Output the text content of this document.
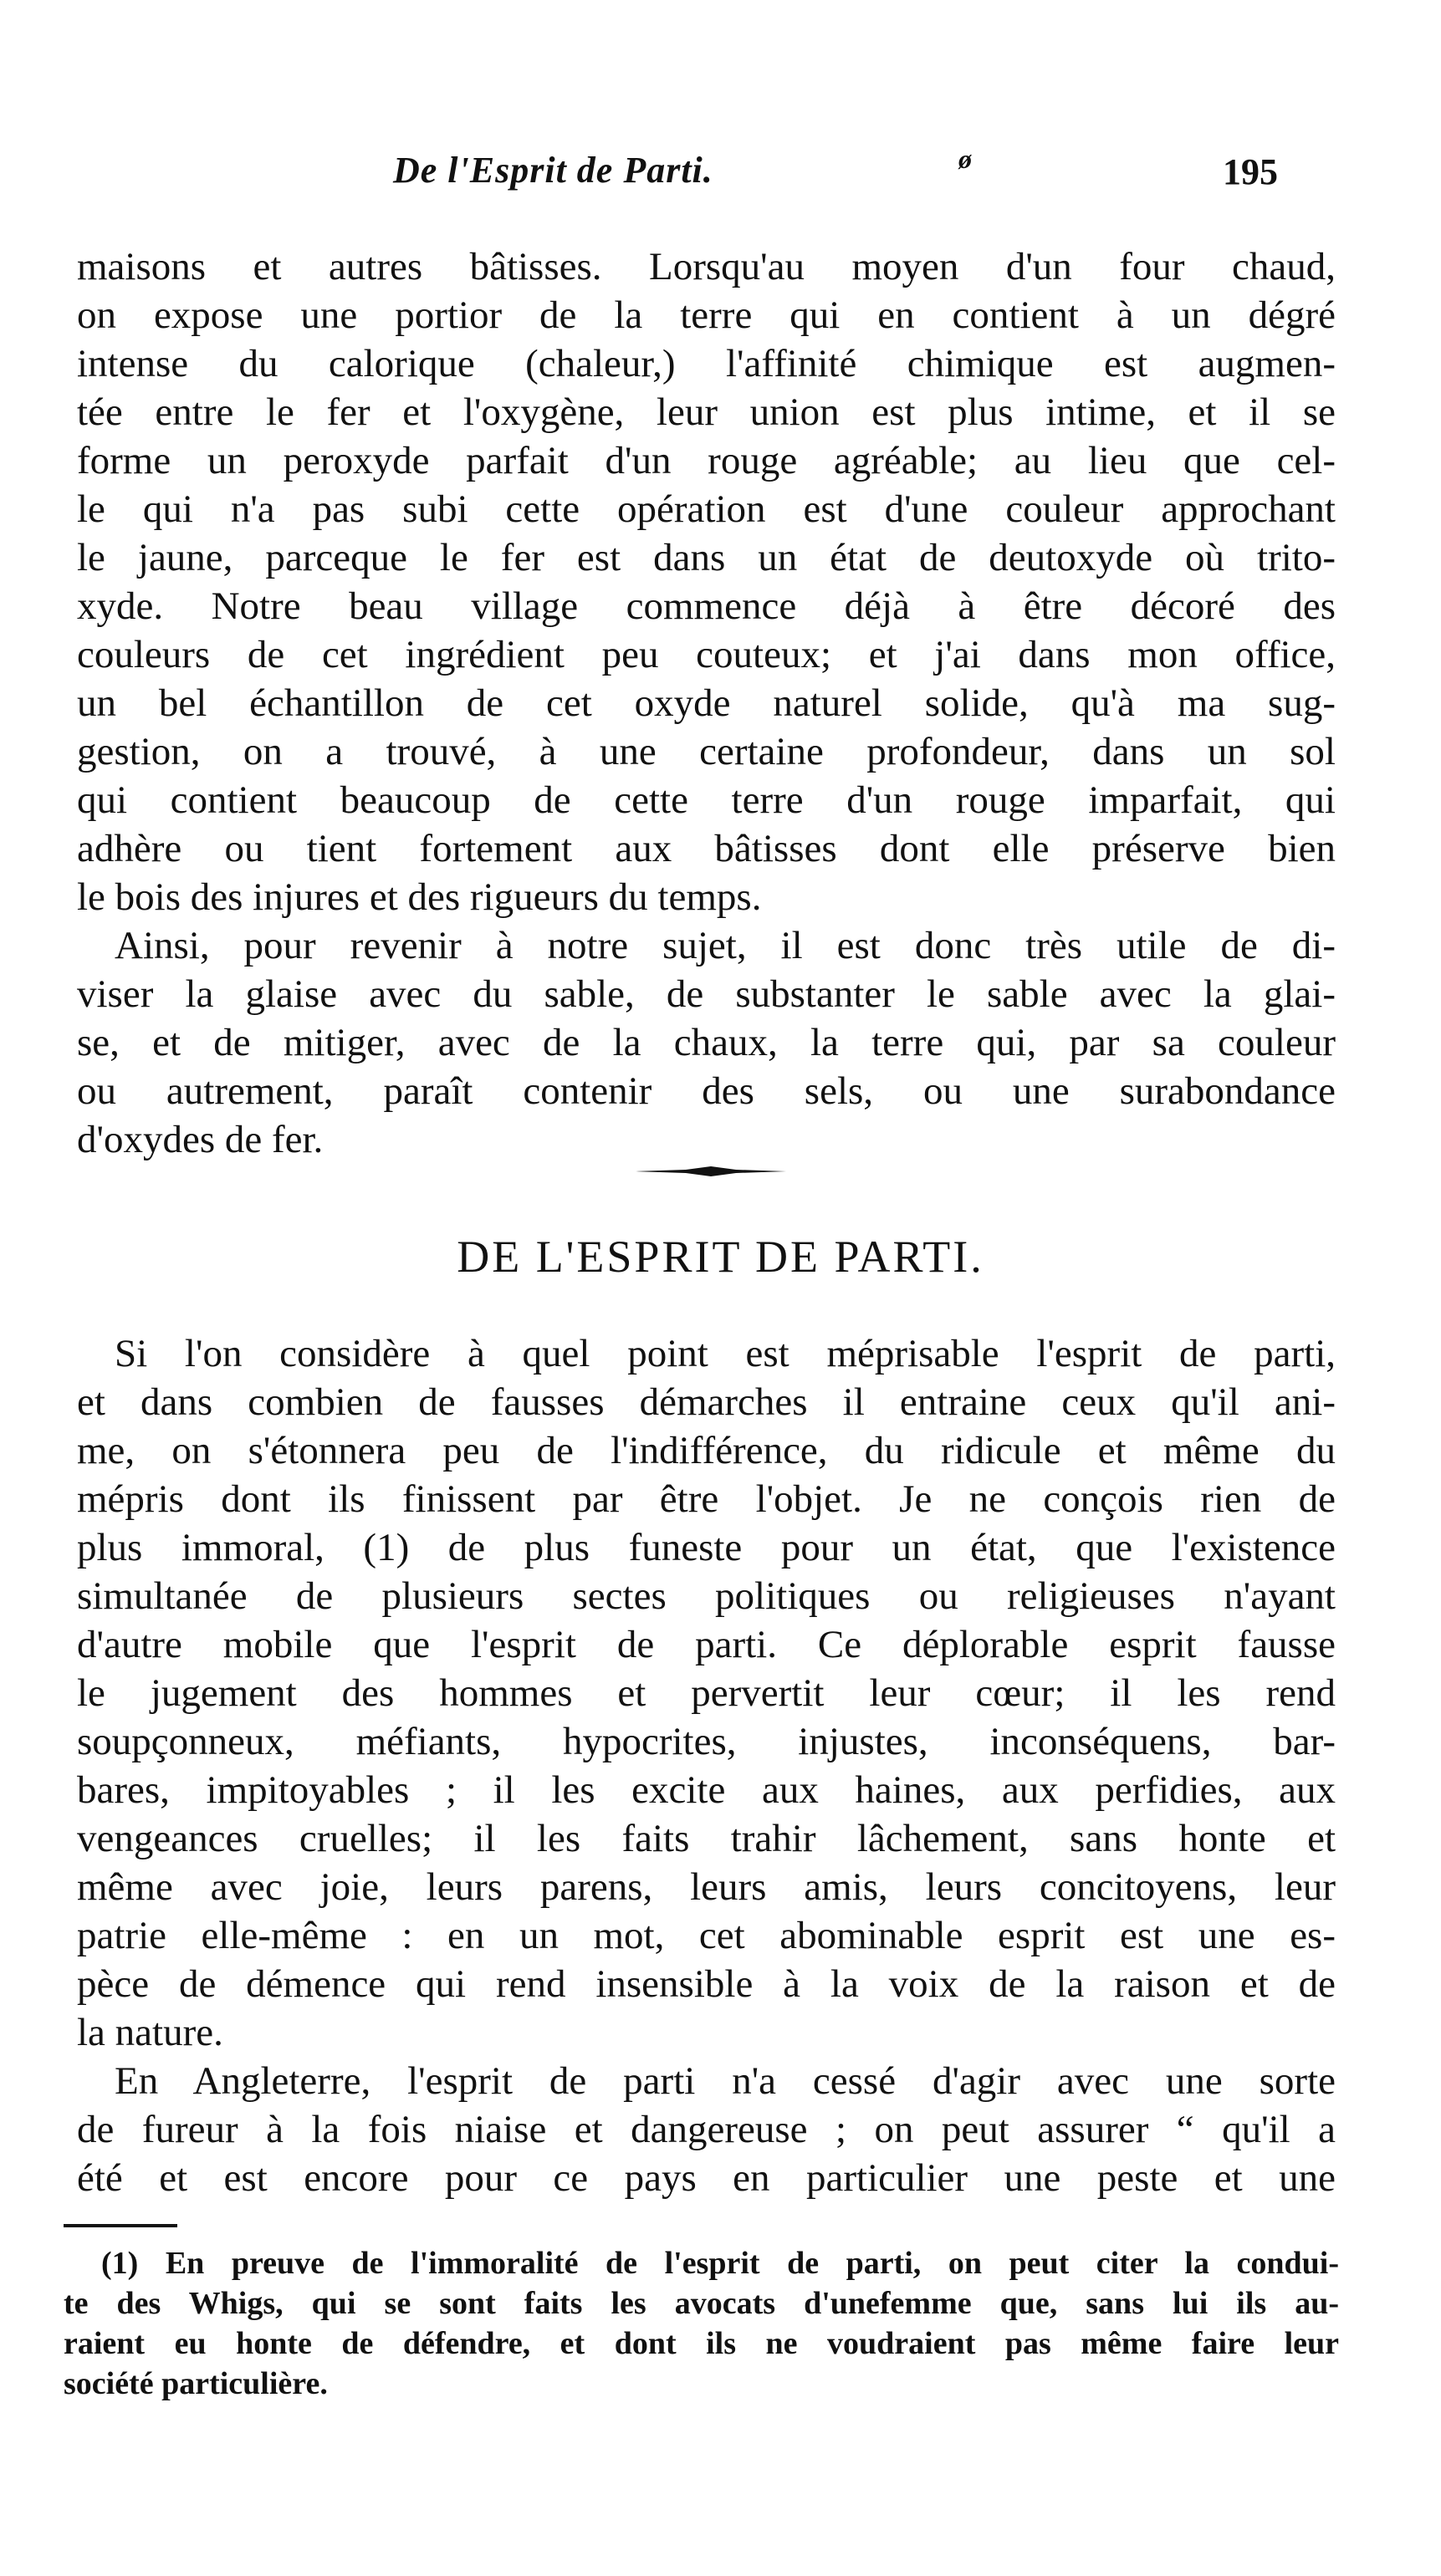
De l'Esprit de Parti.	ø	195
maisons et autres bâtisses. Lorsqu'au moyen d'un four chaud,
on expose une portior de la terre qui en contient à un dégré
intense du calorique (chaleur,) l'affinité chimique est augmen-
tée entre le fer et l'oxygène, leur union est plus intime, et il se
forme un peroxyde parfait d'un rouge agréable; au lieu que cel-
le qui n'a pas subi cette opération est d'une couleur approchant
le jaune, parceque le fer est dans un état de deutoxyde où trito-
xyde. Notre beau village commence déjà à être décoré des
couleurs de cet ingrédient peu couteux; et j'ai dans mon office,
un bel échantillon de cet oxyde naturel solide, qu'à ma sug-
gestion, on a trouvé, à une certaine profondeur, dans un sol
qui contient beaucoup de cette terre d'un rouge imparfait, qui
adhère ou tient fortement aux bâtisses dont elle préserve bien
le bois des injures et des rigueurs du temps.
Ainsi, pour revenir à notre sujet, il est donc très utile de di-
viser la glaise avec du sable, de substanter le sable avec la glai-
se, et de mitiger, avec de la chaux, la terre qui, par sa couleur
ou autrement, paraît contenir des sels, ou une surabondance
d'oxydes de fer.
DE L'ESPRIT DE PARTI.
Si l'on considère à quel point est méprisable l'esprit de parti,
et dans combien de fausses démarches il entraine ceux qu'il ani-
me, on s'étonnera peu de l'indifférence, du ridicule et même du
mépris dont ils finissent par être l'objet. Je ne conçois rien de
plus immoral, (1) de plus funeste pour un état, que l'existence
simultanée de plusieurs sectes politiques ou religieuses n'ayant
d'autre mobile que l'esprit de parti. Ce déplorable esprit fausse
le jugement des hommes et pervertit leur cœur; il les rend
soupçonneux, méfiants, hypocrites, injustes, inconséquens, bar-
bares, impitoyables ; il les excite aux haines, aux perfidies, aux
vengeances cruelles; il les faits trahir lâchement, sans honte et
même avec joie, leurs parens, leurs amis, leurs concitoyens, leur
patrie elle-même : en un mot, cet abominable esprit est une es-
pèce de démence qui rend insensible à la voix de la raison et de
la nature.
En Angleterre, l'esprit de parti n'a cessé d'agir avec une sorte
de fureur à la fois niaise et dangereuse ; on peut assurer “ qu'il a
été et est encore pour ce pays en particulier une peste et une
(1) En preuve de l'immoralité de l'esprit de parti, on peut citer la condui-
te des Whigs, qui se sont faits les avocats d'unefemme que, sans lui ils au-
raient eu honte de défendre, et dont ils ne voudraient pas même faire leur
société particulière.
